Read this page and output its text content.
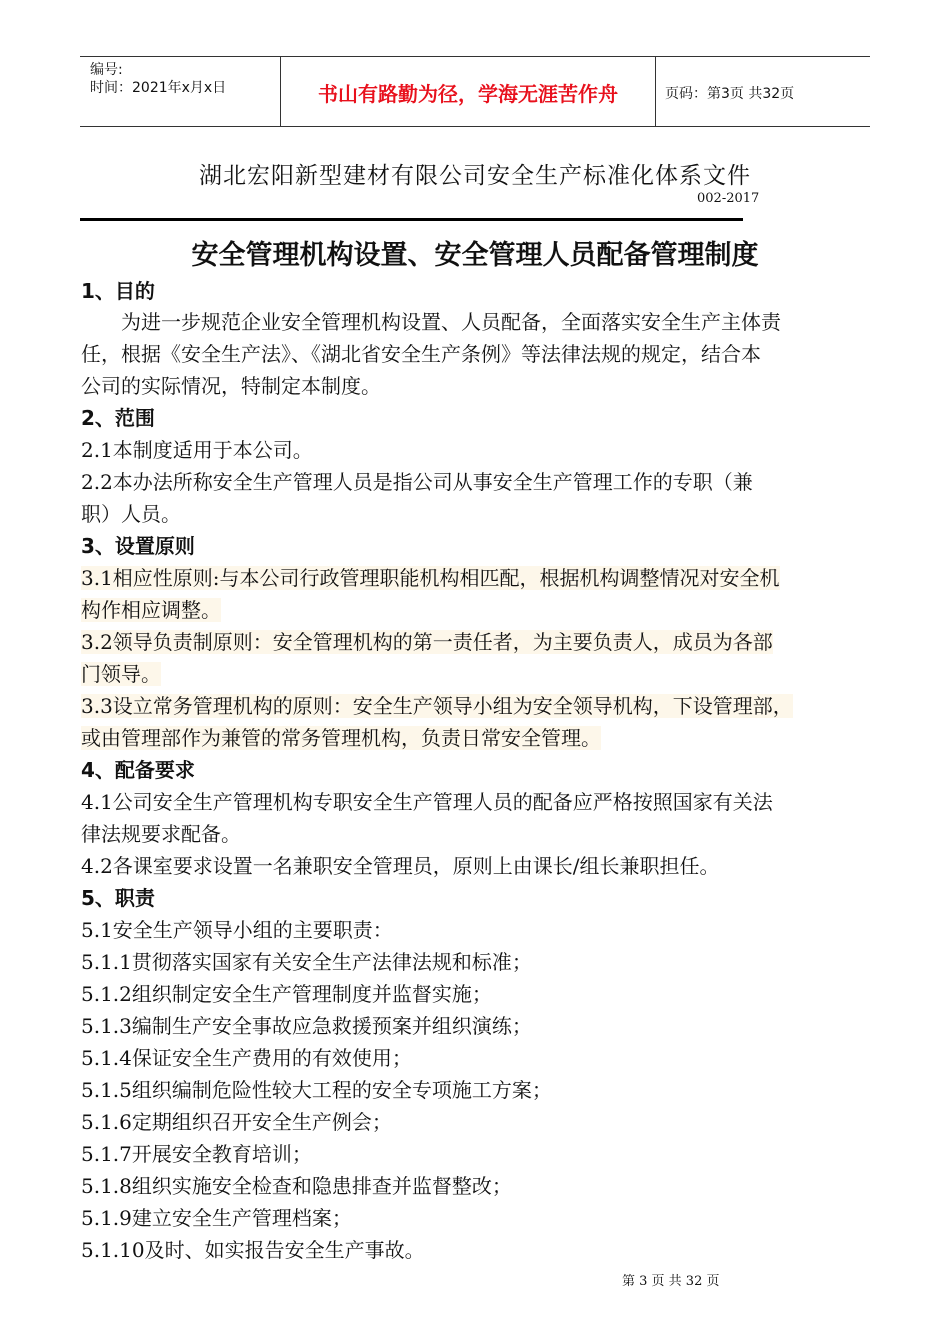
编号:
时间：2021年x月x日	书山有路勤为径，学海无涯苦作舟	页码：第3页 共32页
湖北宏阳新型建材有限公司安全生产标准化体系文件
002-2017
安全管理机构设置、安全管理人员配备管理制度
1、目的
为进一步规范企业安全管理机构设置、人员配备，全面落实安全生产主体责
任，根据《安全生产法》、《湖北省安全生产条例》等法律法规的规定，结合本
公司的实际情况，特制定本制度。
2、范围
2.1本制度适用于本公司。
2.2本办法所称安全生产管理人员是指公司从事安全生产管理工作的专职（兼
职）人员。
3、设置原则
3.1相应性原则:与本公司行政管理职能机构相匹配，根据机构调整情况对安全机
构作相应调整。
3.2领导负责制原则：安全管理机构的第一责任者，为主要负责人，成员为各部
门领导。
3.3设立常务管理机构的原则：安全生产领导小组为安全领导机构，下设管理部，
或由管理部作为兼管的常务管理机构，负责日常安全管理。
4、配备要求
4.1公司安全生产管理机构专职安全生产管理人员的配备应严格按照国家有关法
律法规要求配备。
4.2各课室要求设置一名兼职安全管理员，原则上由课长/组长兼职担任。
5、职责
5.1安全生产领导小组的主要职责：
5.1.1贯彻落实国家有关安全生产法律法规和标准；
5.1.2组织制定安全生产管理制度并监督实施；
5.1.3编制生产安全事故应急救援预案并组织演练；
5.1.4保证安全生产费用的有效使用；
5.1.5组织编制危险性较大工程的安全专项施工方案；
5.1.6定期组织召开安全生产例会；
5.1.7开展安全教育培训；
5.1.8组织实施安全检查和隐患排查并监督整改；
5.1.9建立安全生产管理档案；
5.1.10及时、如实报告安全生产事故。
第 3 页 共 32 页
